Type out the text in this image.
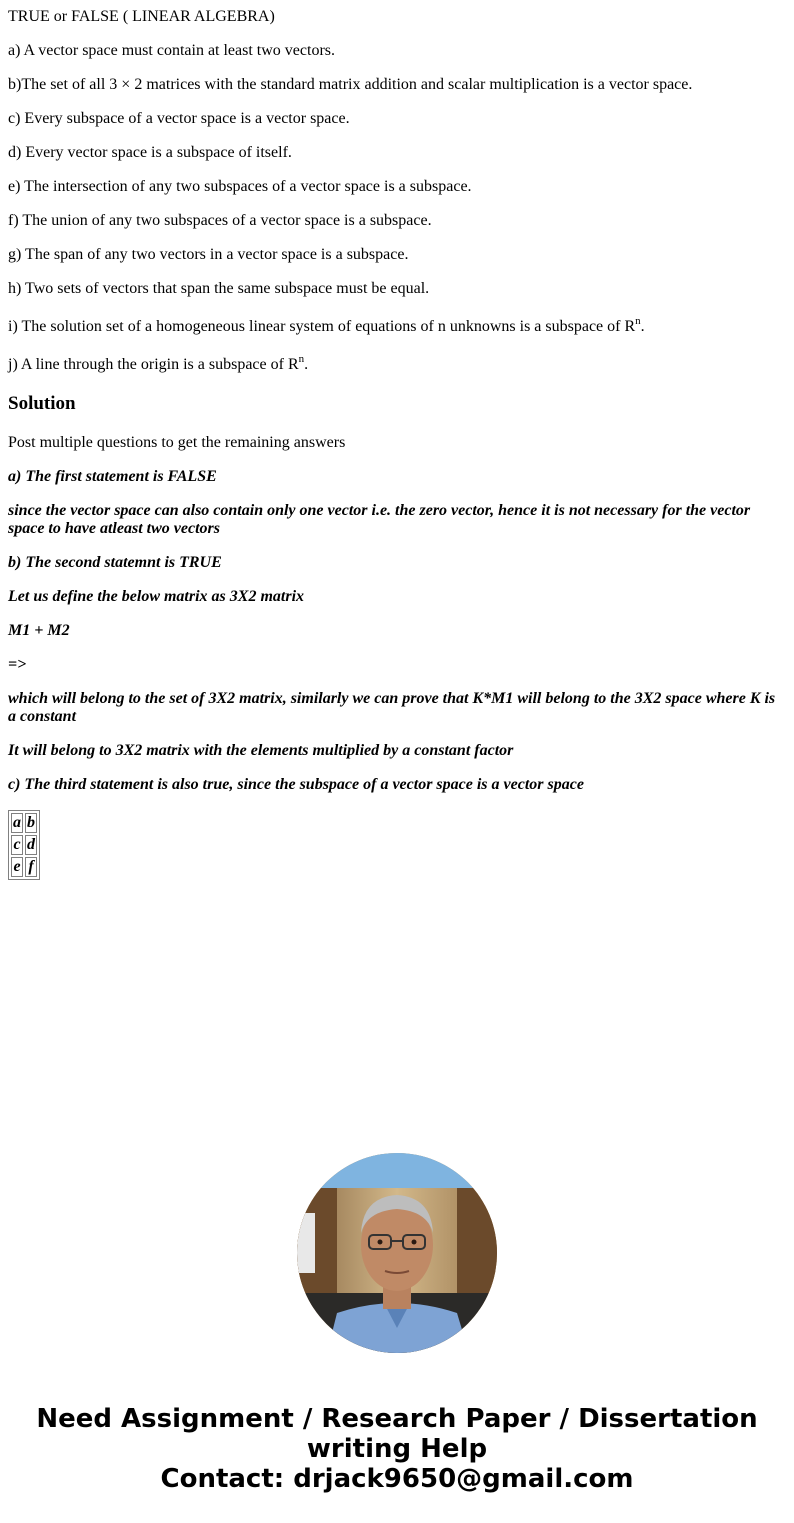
TRUE or FALSE ( LINEAR ALGEBRA)

a) A vector space must contain at least two vectors.

b)The set of all 3 × 2 matrices with the standard matrix addition and scalar multiplication is a vector space.

c) Every subspace of a vector space is a vector space.

d) Every vector space is a subspace of itself.

e) The intersection of any two subspaces of a vector space is a subspace.

f) The union of any two subspaces of a vector space is a subspace.

g) The span of any two vectors in a vector space is a subspace.

h) Two sets of vectors that span the same subspace must be equal.

i) The solution set of a homogeneous linear system of equations of n unknowns is a subspace of $R^n$.

j) A line through the origin is a subspace of $R^n$.

Solution

Post multiple questions to get the remaining answers

a) The first statement is FALSE

since the vector space can also contain only one vector i.e. the zero vector, hence it is not necessary for the vector space to have atleast two vectors

b) The second statemnt is TRUE

Let us define the below matrix as 3X2 matrix

M1 + M2

=>

which will belong to the set of 3X2 matrix, similarly we can prove that K*M1 will belong to the 3X2 space where K is a constant

It will belong to 3X2 matrix with the elements multiplied by a constant factor

c) The third statement is also true, since the subspace of a vector space is a vector space

a	b
c	d
e	f
Need Assignment / Research Paper / Dissertation writing Help
Contact: drjack9650@gmail.com
